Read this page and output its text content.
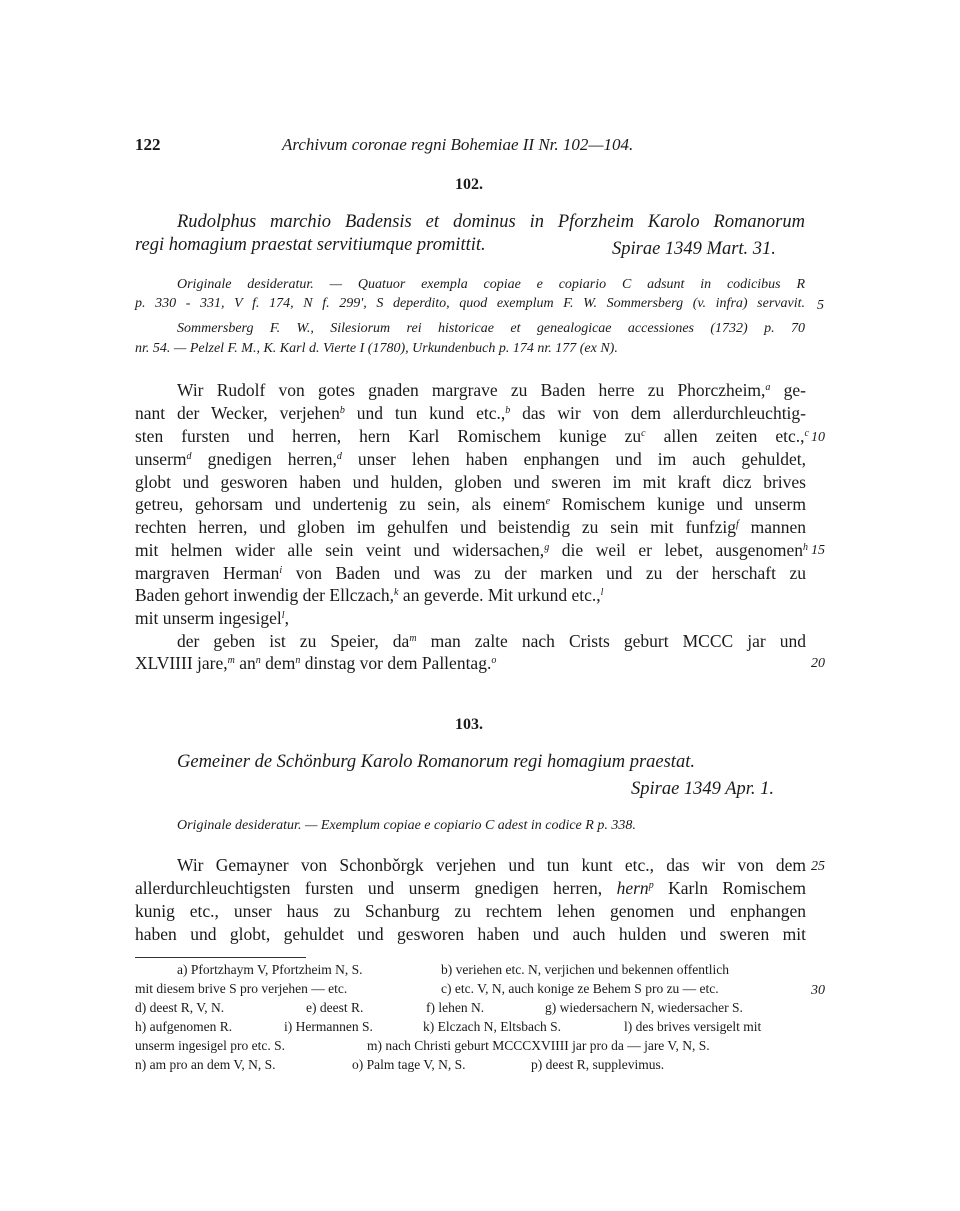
122	Archivum coronae regni Bohemiae II Nr. 102—104.
102.
Rudolphus marchio Badensis et dominus in Pforzheim Karolo Romanorum
regi homagium praestat servitiumque promittit.	Spirae 1349 Mart. 31.
Originale desideratur. — Quatuor exempla copiae e copiario C adsunt in codicibus R
p. 330 - 331, V f. 174, N f. 299', S deperdito, quod exemplum F. W. Sommersberg (v. infra) servavit.
Sommersberg F. W., Silesiorum rei historicae et genealogicae accessiones (1732) p. 70
nr. 54. — Pelzel F. M., K. Karl d. Vierte I (1780), Urkundenbuch p. 174 nr. 177 (ex N).
Wir Rudolf von gotes gnaden margrave zu Baden herre zu Phorczheim,$^a$ ge-
nant der Wecker, verjehen$^b$ und tun kund etc.,$^b$ das wir von dem allerdurchleuchtig-
sten fursten und herren, hern Karl Romischem kunige $zu^c$ allen zeiten etc.,$^c$
unserm$^d$ gnedigen herren,$^d$ unser lehen haben enphangen und im auch gehuldet,
globt und gesworen haben und hulden, globen und sweren im mit kraft dicz brives
getreu, gehorsam und undertenig zu sein, als einem$^e$ Romischem kunige und unserm
rechten herren, und globen im gehulfen und beistendig zu sein mit funfzig$^f$ mannen
mit helmen wider alle sein veint und widersachen,$^g$ die weil er lebet, ausgenomen$^h$
margraven Herman$^i$ von Baden und was zu der marken und zu der herschaft zu
Baden gehort inwendig der Ellczach,$^k$ an geverde. Mit urkund etc.,$^l$
mit unserm ingesigel$^l$,
der geben ist zu Speier, $da^m$ man zalte nach Crists geburt MCCC jar und
XLVIIII jare,$^m$ $an^n$ dem$^n$ dinstag vor dem Pallentag.$^o$
103.
Gemeiner de Schönburg Karolo Romanorum regi homagium praestat.
Spirae 1349 Apr. 1.
Originale desideratur. — Exemplum copiae e copiario C adest in codice R p. 338.
Wir Gemayner von Schonbǒrgk verjehen und tun kunt etc., das wir von dem
allerdurchleuchtigsten fursten und unserm gnedigen herren, hern$^p$ Karln Romischem
kunig etc., unser haus zu Schanburg zu rechtem lehen genomen und enphangen
haben und globt, gehuldet und gesworen haben und auch hulden und sweren mit
a) Pfortzhaym V, Pfortzheim N, S.	b) veriehen etc. N, verjichen und bekennen offentlich
mit diesem brive S pro verjehen — etc.	c) etc. V, N, auch konige ze Behem S pro zu — etc.
d) deest R, V, N.	e) deest R.	f) lehen N.	g) wiedersachern N, wiedersacher S.
h) aufgenomen R.	i) Hermannen S.	k) Elczach N, Eltsbach S.	l) des brives versigelt mit
unserm ingesigel pro etc. S.	m) nach Christi geburt MCCCXVIIII jar pro da — jare V, N, S.
n) am pro an dem V, N, S.	o) Palm tage V, N, S.	p) deest R, supplevimus.
5
10
15
20
25
30
